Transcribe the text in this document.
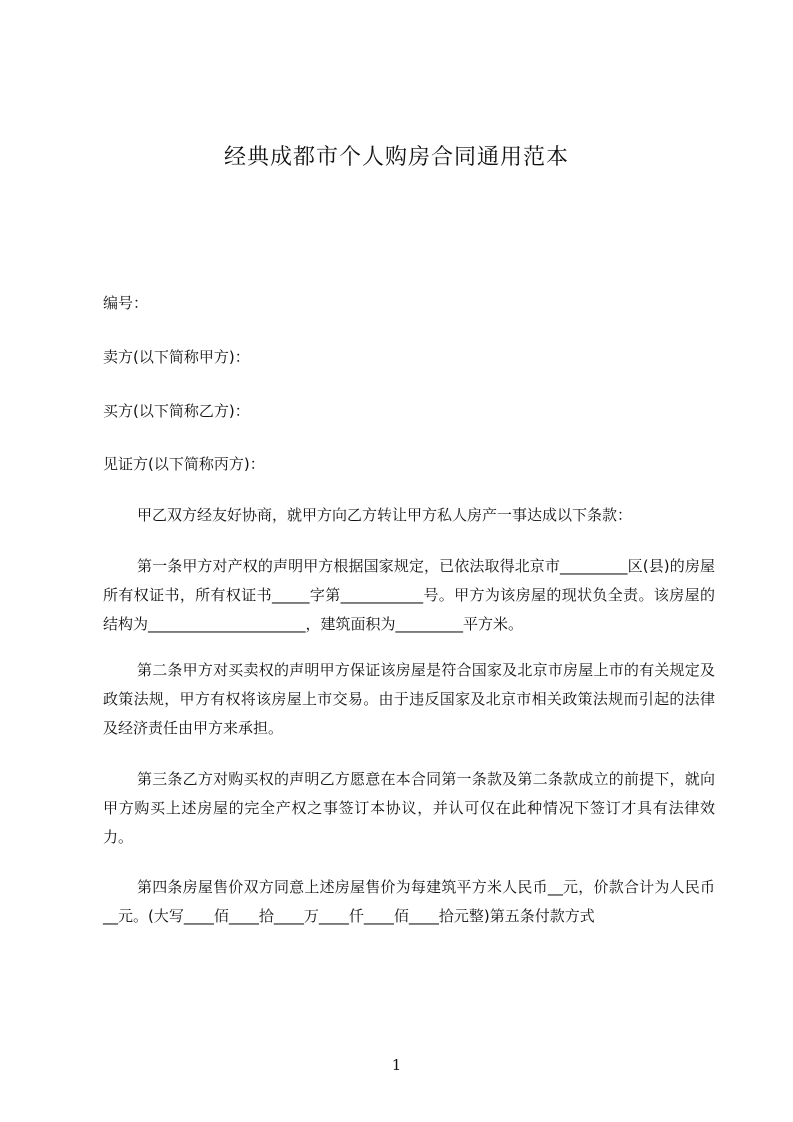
经典成都市个人购房合同通用范本
编号：
卖方(以下简称甲方)：
买方(以下简称乙方)：
见证方(以下简称丙方)：
甲乙双方经友好协商，就甲方向乙方转让甲方私人房产一事达成以下条款：
第一条甲方对产权的声明甲方根据国家规定，已依法取得北京市_________区(县)的房屋所有权证书，所有权证书_____字第___________号。甲方为该房屋的现状负全责。该房屋的结构为_____________________，建筑面积为_________平方米。
第二条甲方对买卖权的声明甲方保证该房屋是符合国家及北京市房屋上市的有关规定及政策法规，甲方有权将该房屋上市交易。由于违反国家及北京市相关政策法规而引起的法律及经济责任由甲方来承担。
第三条乙方对购买权的声明乙方愿意在本合同第一条款及第二条款成立的前提下，就向甲方购买上述房屋的完全产权之事签订本协议，并认可仅在此种情况下签订才具有法律效力。
第四条房屋售价双方同意上述房屋售价为每建筑平方米人民币__元，价款合计为人民币__元。(大写____佰____拾____万____仟____佰____拾元整)第五条付款方式
1
